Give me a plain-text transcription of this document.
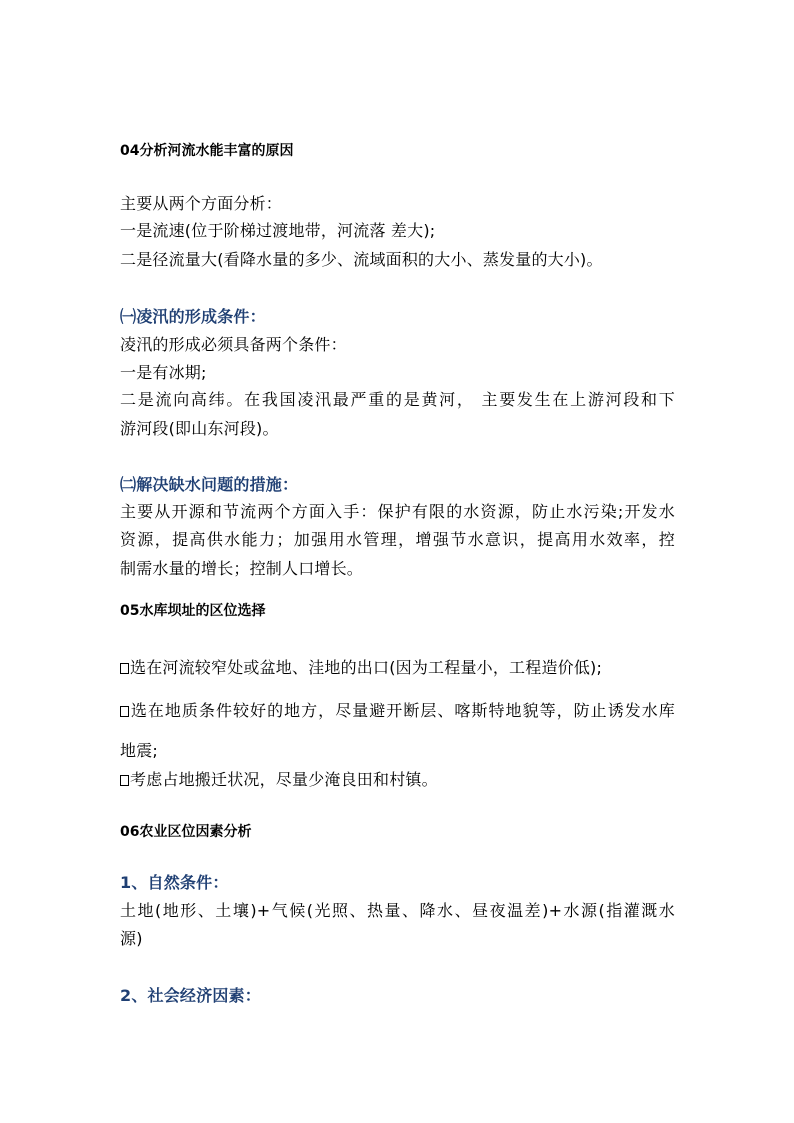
04分析河流水能丰富的原因
主要从两个方面分析：
一是流速(位于阶梯过渡地带，河流落 差大);
二是径流量大(看降水量的多少、流域面积的大小、蒸发量的大小)。
㈠凌汛的形成条件：
凌汛的形成必须具备两个条件：
一是有冰期;
二是流向高纬。在我国凌汛最严重的是黄河， 主要发生在上游河段和下
游河段(即山东河段)。
㈡解决缺水问题的措施：
主要从开源和节流两个方面入手：保护有限的水资源，防止水污染;开发水
资源，提高供水能力；加强用水管理，增强节水意识，提高用水效率，控
制需水量的增长；控制人口增长。
05水库坝址的区位选择
选在河流较窄处或盆地、洼地的出口(因为工程量小，工程造价低);
选在地质条件较好的地方，尽量避开断层、喀斯特地貌等，防止诱发水库
地震;
考虑占地搬迁状况，尽量少淹良田和村镇。
06农业区位因素分析
1、自然条件：
土地(地形、土壤)+气候(光照、热量、降水、昼夜温差)+水源(指灌溉水
源)
2、社会经济因素：
